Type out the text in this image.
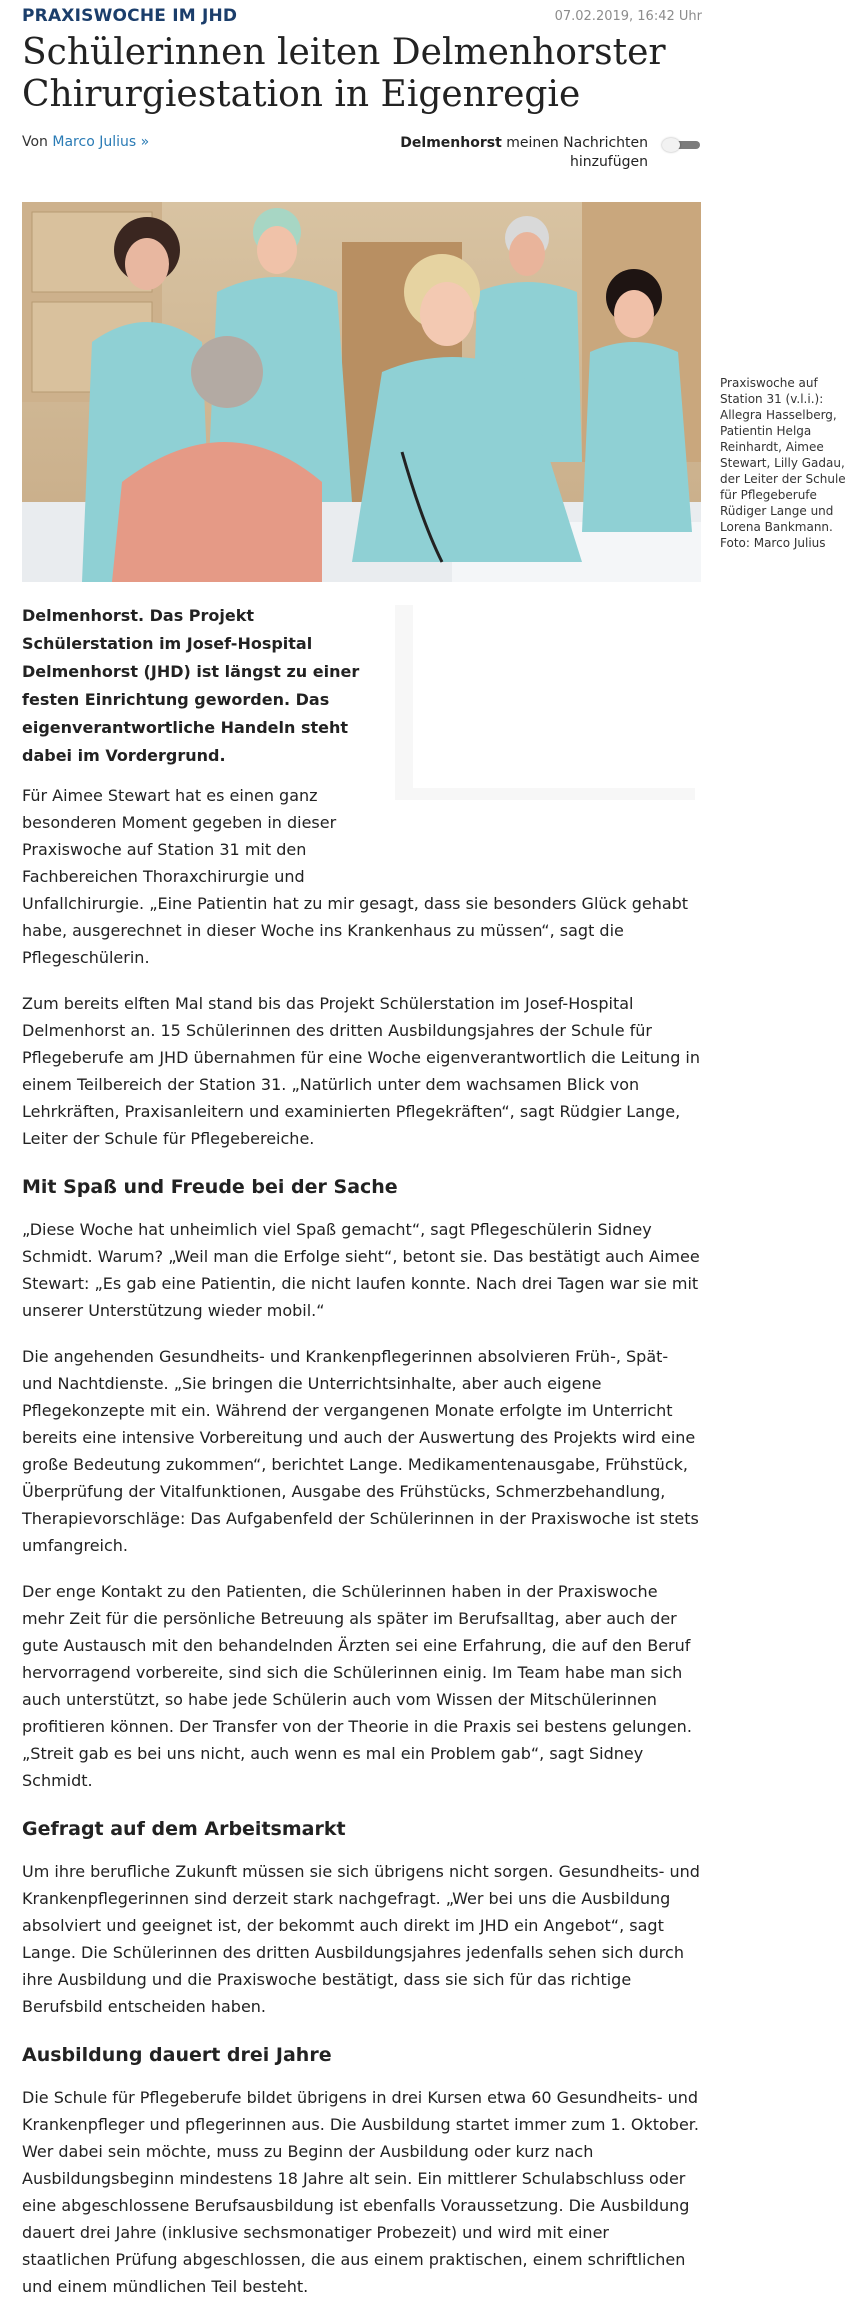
PRAXISWOCHE IM JHD	07.02.2019, 16:42 Uhr
Schülerinnen leiten Delmenhorster
Chirurgiestation in Eigenregie
Von Marco Julius »	Delmenhorst meinen Nachrichten
hinzufügen
Praxiswoche auf Station 31 (v.l.i.): Allegra Hasselberg, Patientin Helga Reinhardt, Aimee Stewart, Lilly Gadau, der Leiter der Schule für Pflegeberufe Rüdiger Lange und Lorena Bankmann. Foto: Marco Julius

Delmenhorst. Das Projekt Schülerstation im Josef-Hospital Delmenhorst (JHD) ist längst zu einer festen Einrichtung geworden. Das eigenverantwortliche Handeln steht dabei im Vordergrund.

Für Aimee Stewart hat es einen ganz besonderen Moment gegeben in dieser Praxiswoche auf Station 31 mit den Fachbereichen Thoraxchirurgie und
Unfallchirurgie. „Eine Patientin hat zu mir gesagt, dass sie besonders Glück gehabt habe, ausgerechnet in dieser Woche ins Krankenhaus zu müssen“, sagt die Pflegeschülerin.

Zum bereits elften Mal stand bis das Projekt Schülerstation im Josef-Hospital Delmenhorst an. 15 Schülerinnen des dritten Ausbildungsjahres der Schule für Pflegeberufe am JHD übernahmen für eine Woche eigenverantwortlich die Leitung in einem Teilbereich der Station 31. „Natürlich unter dem wachsamen Blick von Lehrkräften, Praxisanleitern und examinierten Pflegekräften“, sagt Rüdgier Lange, Leiter der Schule für Pflegebereiche.

Mit Spaß und Freude bei der Sache

„Diese Woche hat unheimlich viel Spaß gemacht“, sagt Pflegeschülerin Sidney Schmidt. Warum? „Weil man die Erfolge sieht“, betont sie. Das bestätigt auch Aimee Stewart: „Es gab eine Patientin, die nicht laufen konnte. Nach drei Tagen war sie mit unserer Unterstützung wieder mobil.“

Die angehenden Gesundheits- und Krankenpflegerinnen absolvieren Früh-, Spät- und Nachtdienste. „Sie bringen die Unterrichtsinhalte, aber auch eigene Pflegekonzepte mit ein. Während der vergangenen Monate erfolgte im Unterricht bereits eine intensive Vorbereitung und auch der Auswertung des Projekts wird eine große Bedeutung zukommen“, berichtet Lange. Medikamentenausgabe, Frühstück, Überprüfung der Vitalfunktionen, Ausgabe des Frühstücks, Schmerzbehandlung, Therapievorschläge: Das Aufgabenfeld der Schülerinnen in der Praxiswoche ist stets umfangreich.

Der enge Kontakt zu den Patienten, die Schülerinnen haben in der Praxiswoche mehr Zeit für die persönliche Betreuung als später im Berufsalltag, aber auch der gute Austausch mit den behandelnden Ärzten sei eine Erfahrung, die auf den Beruf hervorragend vorbereite, sind sich die Schülerinnen einig. Im Team habe man sich auch unterstützt, so habe jede Schülerin auch vom Wissen der Mitschülerinnen profitieren können. Der Transfer von der Theorie in die Praxis sei bestens gelungen. „Streit gab es bei uns nicht, auch wenn es mal ein Problem gab“, sagt Sidney Schmidt.

Gefragt auf dem Arbeitsmarkt

Um ihre berufliche Zukunft müssen sie sich übrigens nicht sorgen. Gesundheits- und Krankenpflegerinnen sind derzeit stark nachgefragt. „Wer bei uns die Ausbildung absolviert und geeignet ist, der bekommt auch direkt im JHD ein Angebot“, sagt Lange. Die Schülerinnen des dritten Ausbildungsjahres jedenfalls sehen sich durch ihre Ausbildung und die Praxiswoche bestätigt, dass sie sich für das richtige Berufsbild entscheiden haben.

Ausbildung dauert drei Jahre

Die Schule für Pflegeberufe bildet übrigens in drei Kursen etwa 60 Gesundheits- und Krankenpfleger und pflegerinnen aus. Die Ausbildung startet immer zum 1. Oktober. Wer dabei sein möchte, muss zu Beginn der Ausbildung oder kurz nach Ausbildungsbeginn mindestens 18 Jahre alt sein. Ein mittlerer Schulabschluss oder eine abgeschlossene Berufsausbildung ist ebenfalls Voraussetzung. Die Ausbildung dauert drei Jahre (inklusive sechsmonatiger Probezeit) und wird mit einer staatlichen Prüfung abgeschlossen, die aus einem praktischen, einem schriftlichen und einem mündlichen Teil besteht.
